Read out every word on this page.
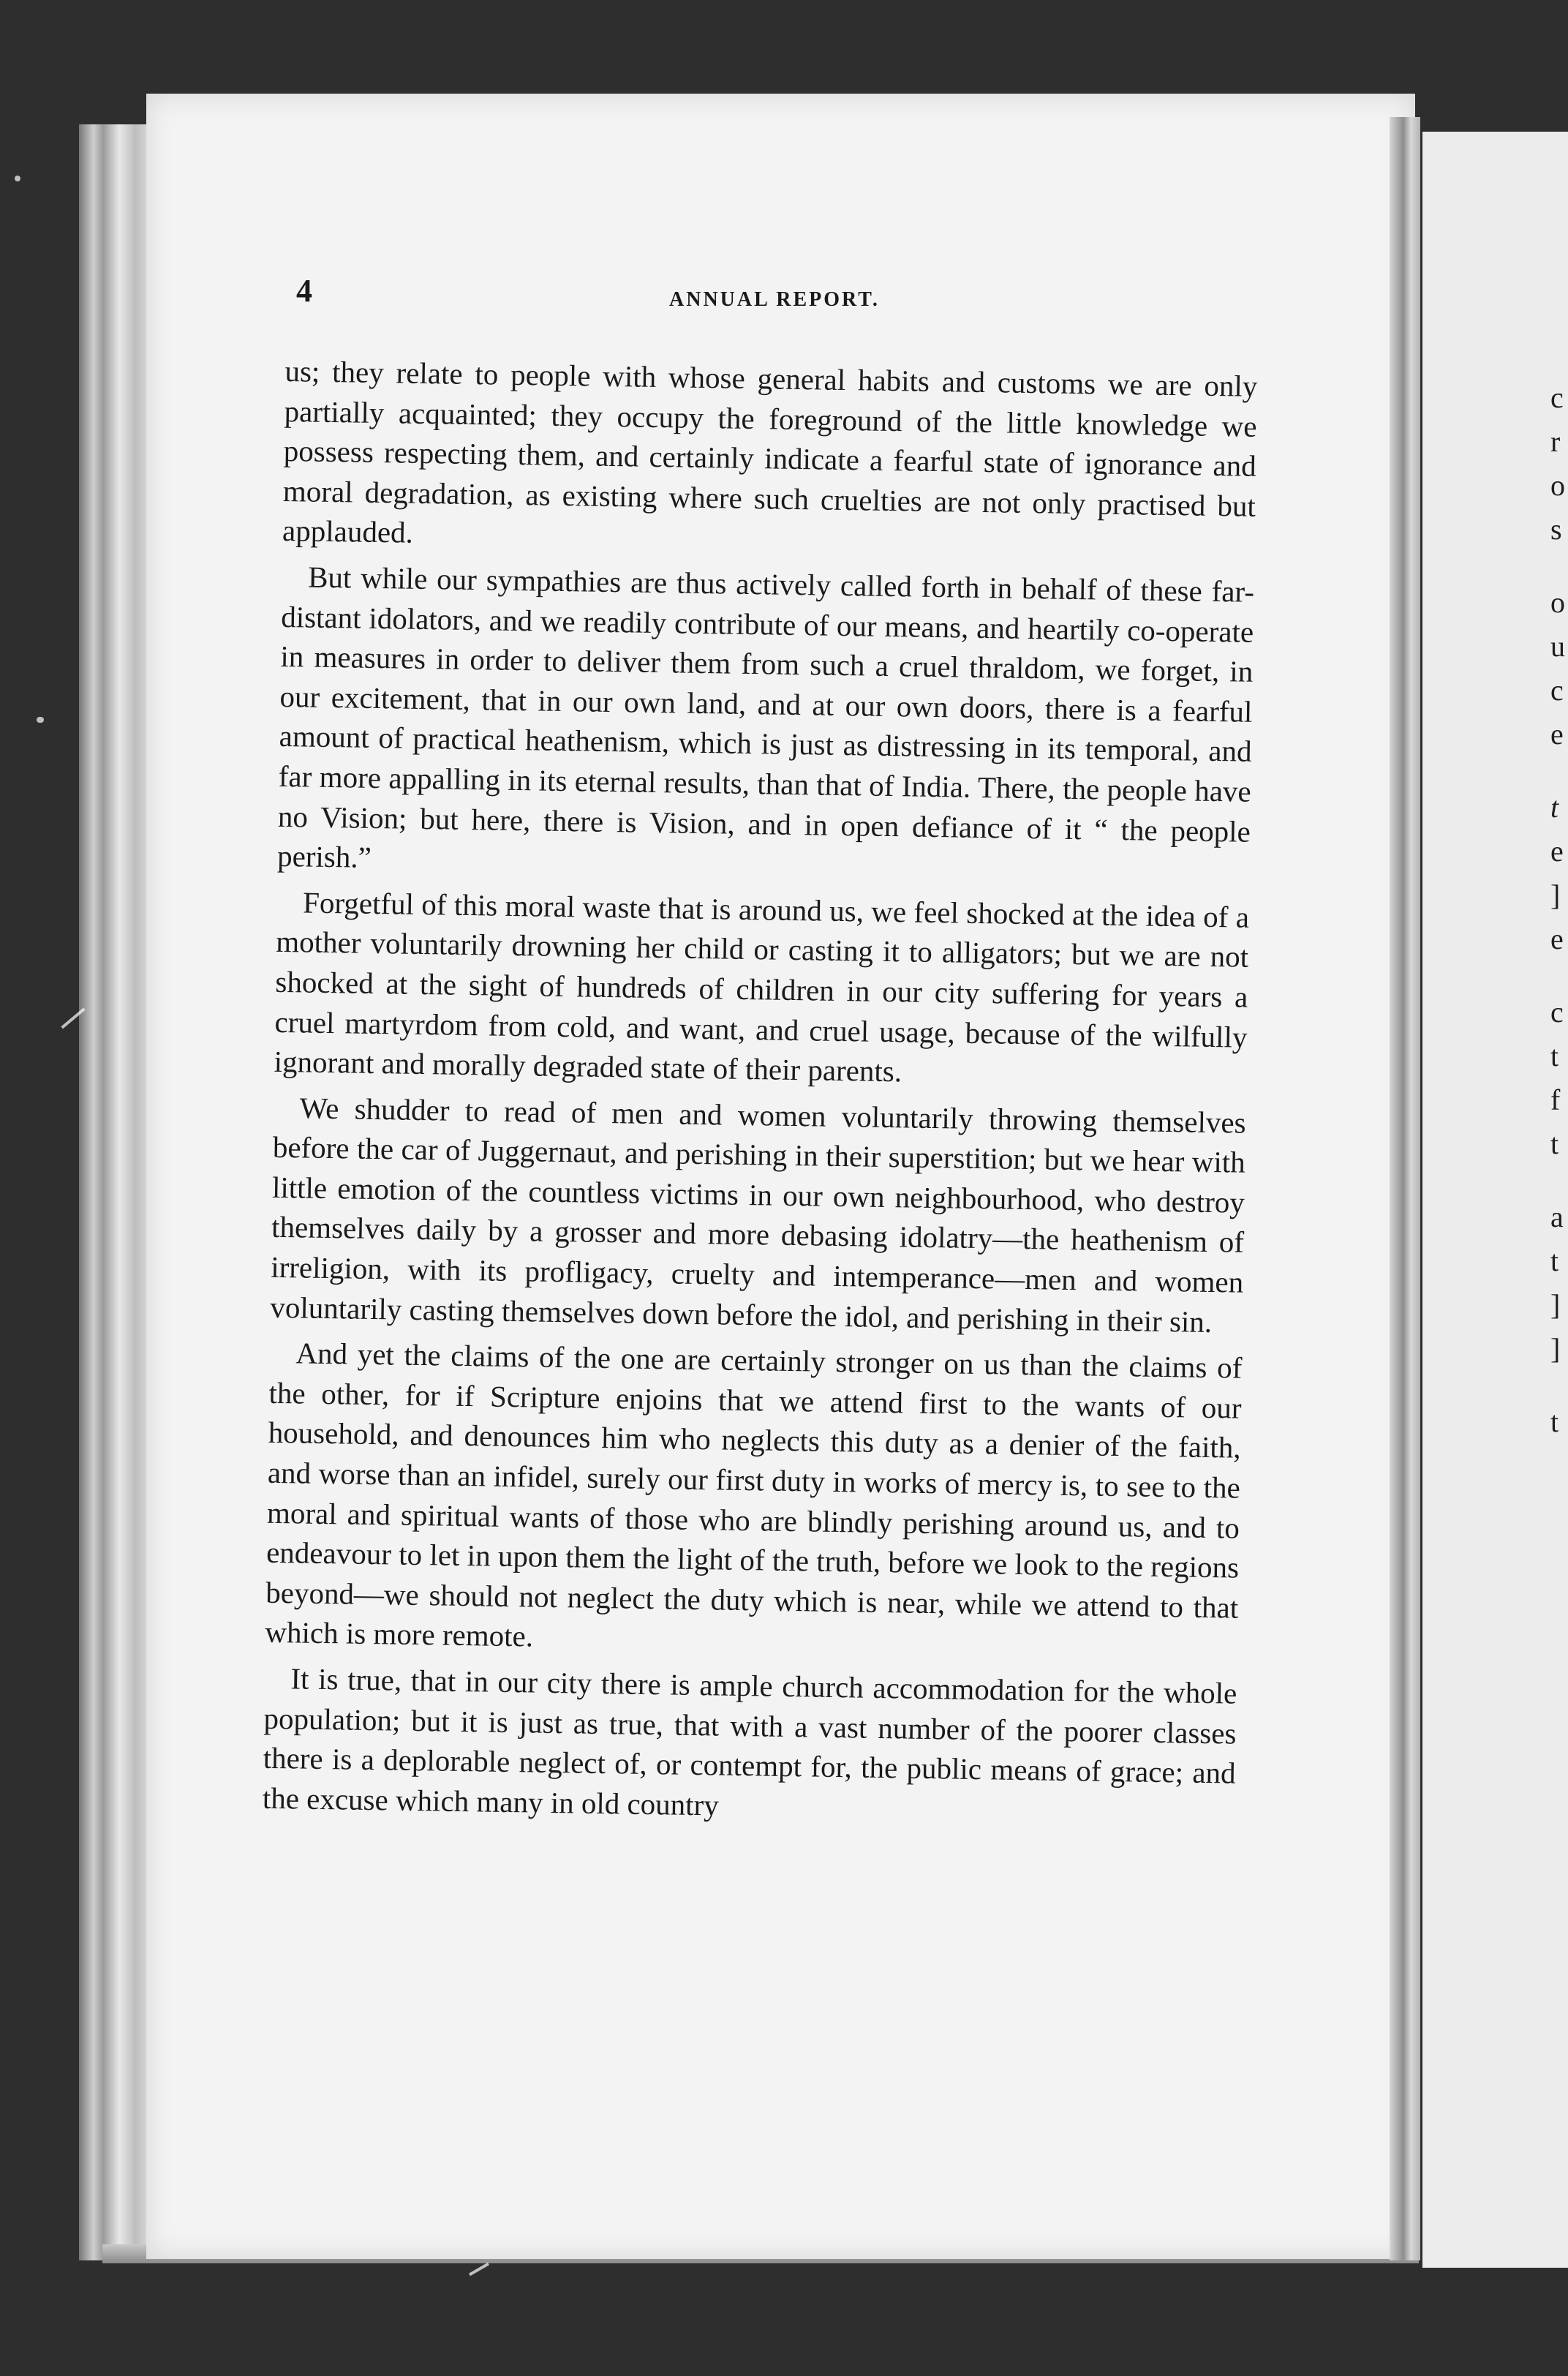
4	ANNUAL REPORT.

us; they relate to people with whose general habits and customs we are only partially acquainted; they occupy the foreground of the little knowledge we possess respecting them, and certainly indicate a fearful state of ignorance and moral degradation, as existing where such cruelties are not only practised but applauded.

But while our sympathies are thus actively called forth in behalf of these far-distant idolators, and we readily contribute of our means, and heartily co-operate in measures in order to deliver them from such a cruel thraldom, we forget, in our excitement, that in our own land, and at our own doors, there is a fearful amount of practical heathenism, which is just as distressing in its temporal, and far more appalling in its eternal results, than that of India. There, the people have no Vision; but here, there is Vision, and in open defiance of it “ the people perish.”

Forgetful of this moral waste that is around us, we feel shocked at the idea of a mother voluntarily drowning her child or casting it to alligators; but we are not shocked at the sight of hundreds of children in our city suffering for years a cruel martyrdom from cold, and want, and cruel usage, because of the wilfully ignorant and morally degraded state of their parents.

We shudder to read of men and women voluntarily throwing themselves before the car of Juggernaut, and perishing in their superstition; but we hear with little emotion of the countless victims in our own neighbourhood, who destroy themselves daily by a grosser and more debasing idolatry—the heathenism of irreligion, with its profligacy, cruelty and intemperance—men and women voluntarily casting themselves down before the idol, and perishing in their sin.

And yet the claims of the one are certainly stronger on us than the claims of the other, for if Scripture enjoins that we attend first to the wants of our household, and denounces him who neglects this duty as a denier of the faith, and worse than an infidel, surely our first duty in works of mercy is, to see to the moral and spiritual wants of those who are blindly perishing around us, and to endeavour to let in upon them the light of the truth, before we look to the regions beyond—we should not neglect the duty which is near, while we attend to that which is more remote.

It is true, that in our city there is ample church accommodation for the whole population; but it is just as true, that with a vast number of the poorer classes there is a deplorable neglect of, or contempt for, the public means of grace; and the excuse which many in old country

c
r
o
s
o
u
c
e
t
e
]
e
c
t
f
t
a
t
]
]
t
